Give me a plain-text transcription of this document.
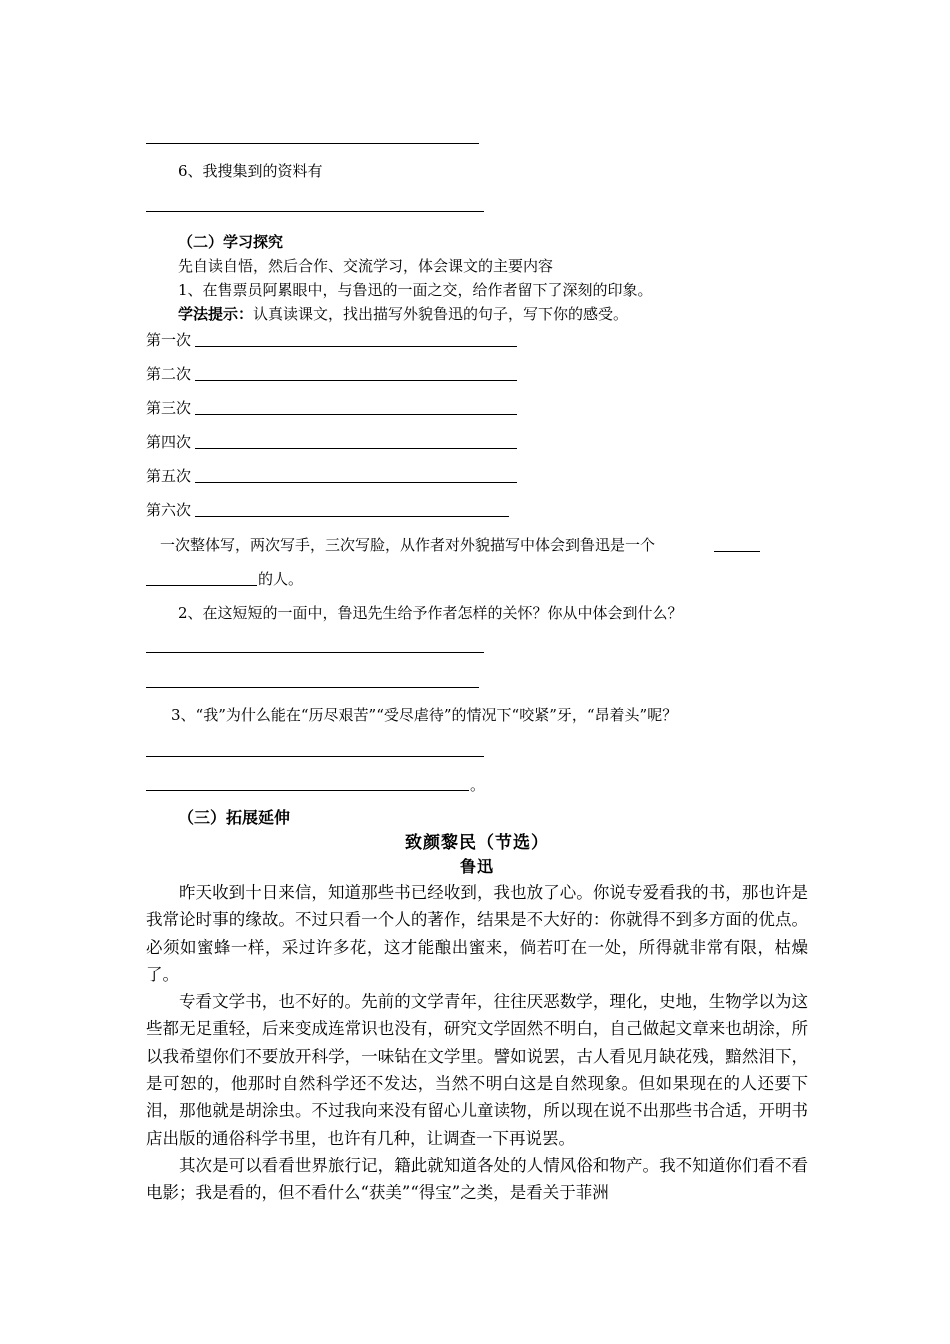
6、我搜集到的资料有
（二）学习探究
先自读自悟，然后合作、交流学习，体会课文的主要内容
1、在售票员阿累眼中，与鲁迅的一面之交，给作者留下了深刻的印象。
学法提示：认真读课文，找出描写外貌鲁迅的句子，写下你的感受。
第一次
第二次
第三次
第四次
第五次
第六次
一次整体写，两次写手，三次写脸，从作者对外貌描写中体会到鲁迅是一个
的人。
2、在这短短的一面中，鲁迅先生给予作者怎样的关怀？你从中体会到什么？
3、“我”为什么能在“历尽艰苦”“受尽虐待”的情况下“咬紧”牙，“昂着头”呢？
。
（三）拓展延伸
致颜黎民（节选）
鲁迅

昨天收到十日来信，知道那些书已经收到，我也放了心。你说专爱看我的书，那也许是我常论时事的缘故。不过只看一个人的著作，结果是不大好的：你就得不到多方面的优点。必须如蜜蜂一样，采过许多花，这才能酿出蜜来，倘若叮在一处，所得就非常有限，枯燥了。

专看文学书，也不好的。先前的文学青年，往往厌恶数学，理化，史地，生物学以为这些都无足重轻，后来变成连常识也没有，研究文学固然不明白，自己做起文章来也胡涂，所以我希望你们不要放开科学，一味钻在文学里。譬如说罢，古人看见月缺花残，黯然泪下，是可恕的，他那时自然科学还不发达，当然不明白这是自然现象。但如果现在的人还要下泪，那他就是胡涂虫。不过我向来没有留心儿童读物，所以现在说不出那些书合适，开明书店出版的通俗科学书里，也许有几种，让调查一下再说罢。

其次是可以看看世界旅行记，籍此就知道各处的人情风俗和物产。我不知道你们看不看电影；我是看的，但不看什么“获美”“得宝”之类，是看关于菲洲
